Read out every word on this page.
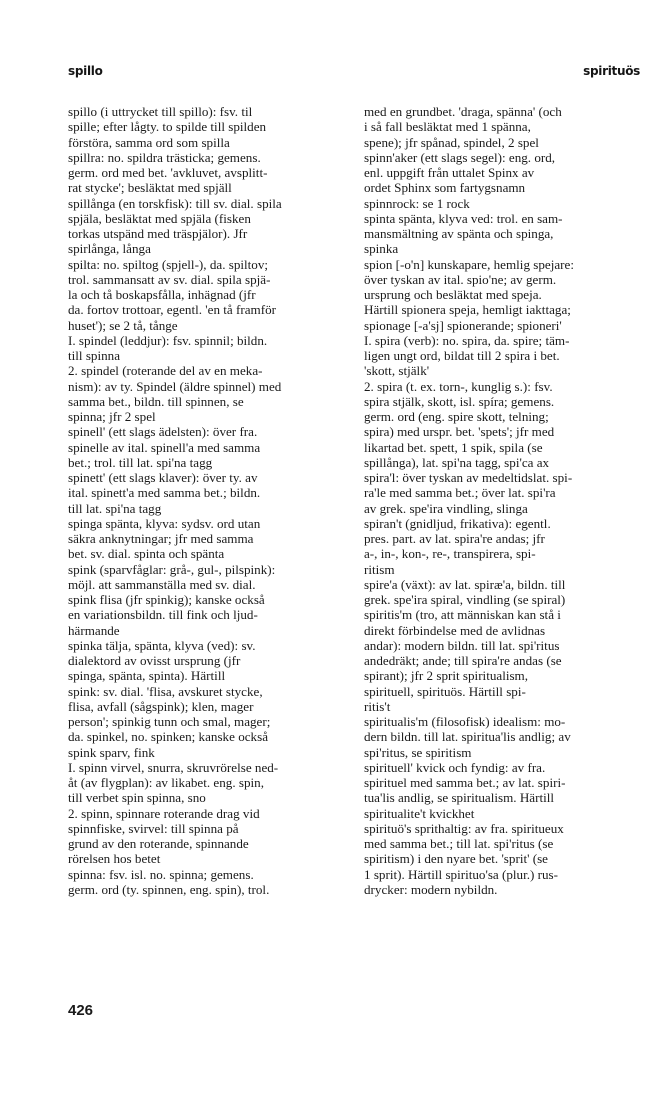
spillo	spirituös
spillo (i uttrycket till spillo): fsv. til
spille; efter lågty. to spilde till spilden
förstöra, samma ord som spilla
spillra: no. spildra trästicka; gemens.
germ. ord med bet. 'avkluvet, avsplitt-
rat stycke'; besläktat med spjäll
spillånga (en torskfisk): till sv. dial. spila
spjäla, besläktat med spjäla (fisken
torkas utspänd med träspjälor). Jfr
spirlånga, långa
spilta: no. spiltog (spjell-), da. spiltov;
trol. sammansatt av sv. dial. spila spjä-
la och tå boskapsfålla, inhägnad (jfr
da. fortov trottoar, egentl. 'en tå framför
huset'); se 2 tå, tånge
I. spindel (leddjur): fsv. spinnil; bildn.
till spinna
2. spindel (roterande del av en meka-
nism): av ty. Spindel (äldre spinnel) med
samma bet., bildn. till spinnen, se
spinna; jfr 2 spel
spinell' (ett slags ädelsten): över fra.
spinelle av ital. spinell'a med samma
bet.; trol. till lat. spi'na tagg
spinett' (ett slags klaver): över ty. av
ital. spinett'a med samma bet.; bildn.
till lat. spi'na tagg
spinga spänta, klyva: sydsv. ord utan
säkra anknytningar; jfr med samma
bet. sv. dial. spinta och spänta
spink (sparvfåglar: grå-, gul-, pilspink):
möjl. att sammanställa med sv. dial.
spink flisa (jfr spinkig); kanske också
en variationsbildn. till fink och ljud-
härmande
spinka tälja, spänta, klyva (ved): sv.
dialektord av ovisst ursprung (jfr
spinga, spänta, spinta). Härtill
spink: sv. dial. 'flisa, avskuret stycke,
flisa, avfall (sågspink); klen, mager
person'; spinkig tunn och smal, mager;
da. spinkel, no. spinken; kanske också
spink sparv, fink
I. spinn virvel, snurra, skruvrörelse ned-
åt (av flygplan): av likabet. eng. spin,
till verbet spin spinna, sno
2. spinn, spinnare roterande drag vid
spinnfiske, svirvel: till spinna på
grund av den roterande, spinnande
rörelsen hos betet
spinna: fsv. isl. no. spinna; gemens.
germ. ord (ty. spinnen, eng. spin), trol.
med en grundbet. 'draga, spänna' (och
i så fall besläktat med 1 spänna,
spene); jfr spånad, spindel, 2 spel
spinn'aker (ett slags segel): eng. ord,
enl. uppgift från uttalet Spinx av
ordet Sphinx som fartygsnamn
spinnrock: se 1 rock
spinta spänta, klyva ved: trol. en sam-
mansmältning av spänta och spinga,
spinka
spion [-o'n] kunskapare, hemlig spejare:
över tyskan av ital. spio'ne; av germ.
ursprung och besläktat med speja.
Härtill spionera speja, hemligt iakttaga;
spionage [-a'sj] spionerande; spioneri'
I. spira (verb): no. spira, da. spire; täm-
ligen ungt ord, bildat till 2 spira i bet.
'skott, stjälk'
2. spira (t. ex. torn-, kunglig s.): fsv.
spira stjälk, skott, isl. spíra; gemens.
germ. ord (eng. spire skott, telning;
spira) med urspr. bet. 'spets'; jfr med
likartad bet. spett, 1 spik, spila (se
spillånga), lat. spi'na tagg, spi'ca ax
spira'l: över tyskan av medeltidslat. spi-
ra'le med samma bet.; över lat. spi'ra
av grek. spe'ira vindling, slinga
spiran't (gnidljud, frikativa): egentl.
pres. part. av lat. spira're andas; jfr
a-, in-, kon-, re-, transpirera, spi-
ritism
spire'a (växt): av lat. spiræ'a, bildn. till
grek. spe'ira spiral, vindling (se spiral)
spiritis'm (tro, att människan kan stå i
direkt förbindelse med de avlidnas
andar): modern bildn. till lat. spi'ritus
andedräkt; ande; till spira're andas (se
spirant); jfr 2 sprit spiritualism,
spirituell, spirituös. Härtill spi-
ritis't
spiritualis'm (filosofisk) idealism: mo-
dern bildn. till lat. spiritua'lis andlig; av
spi'ritus, se spiritism
spirituell' kvick och fyndig: av fra.
spirituel med samma bet.; av lat. spiri-
tua'lis andlig, se spiritualism. Härtill
spiritualite't kvickhet
spirituö's sprithaltig: av fra. spiritueux
med samma bet.; till lat. spi'ritus (se
spiritism) i den nyare bet. 'sprit' (se
1 sprit). Härtill spirituo'sa (plur.) rus-
drycker: modern nybildn.
426
